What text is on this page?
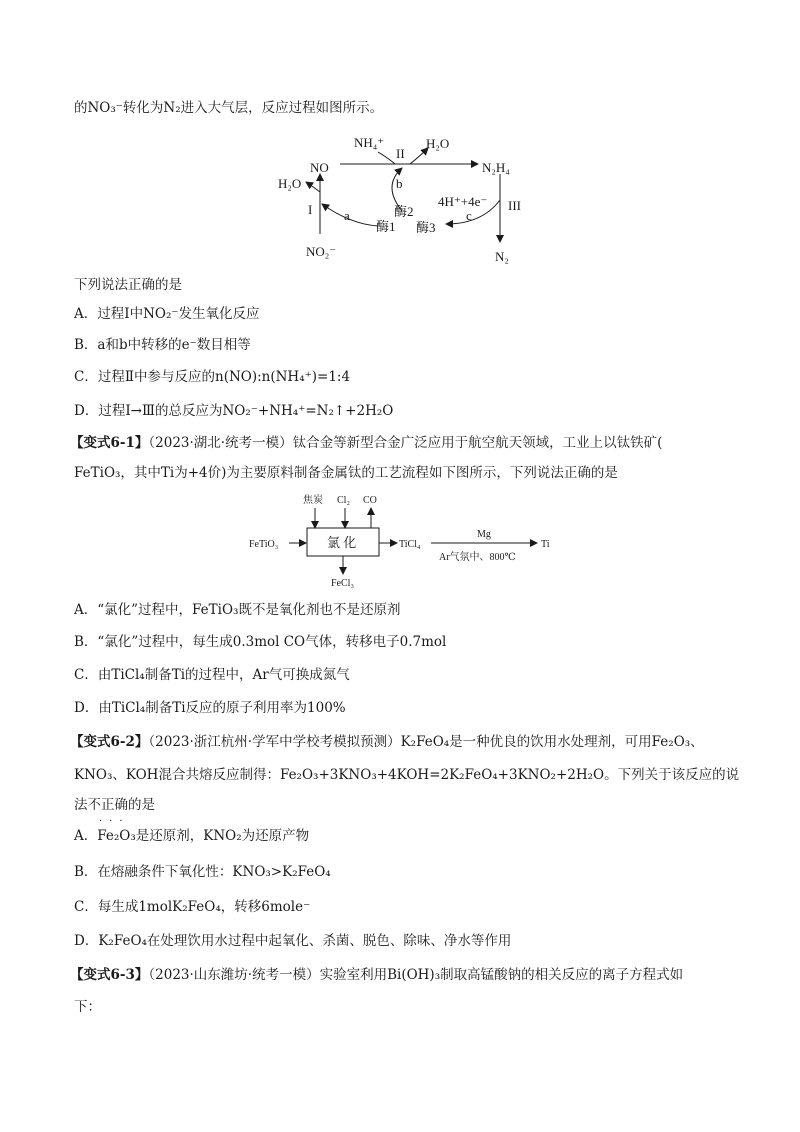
的NO₃⁻转化为N₂进入大气层，反应过程如图所示。
NO
H₂O
NH₄⁺	H₂O
N₂H₄
II
b
酶2
I a
酶1
NO₂⁻
III
N₂
4H⁺+4e⁻
c
酶3
下列说法正确的是
A．过程Ⅰ中NO₂⁻发生氧化反应
B．a和b中转移的e⁻数目相等
C．过程Ⅱ中参与反应的n(NO):n(NH₄⁺)=1:4
D．过程Ⅰ→Ⅲ的总反应为NO₂⁻+NH₄⁺=N₂↑+2H₂O
【变式6-1】（2023·湖北·统考一模）钛合金等新型合金广泛应用于航空航天领域，工业上以钛铁矿(
FeTiO₃，其中Ti为+4价)为主要原料制备金属钛的工艺流程如下图所示，下列说法正确的是
焦炭 Cl₂ CO
氯 化
FeTiO₃	TiCl₄
Mg
Ar气氛中、800℃
Ti
FeCl₃
A．“氯化”过程中，FeTiO₃既不是氧化剂也不是还原剂
B．“氯化”过程中，每生成0.3mol CO气体，转移电子0.7mol
C．由TiCl₄制备Ti的过程中，Ar气可换成氮气
D．由TiCl₄制备Ti反应的原子利用率为100%
【变式6-2】（2023·浙江杭州·学军中学校考模拟预测）K₂FeO₄是一种优良的饮用水处理剂，可用Fe₂O₃、
KNO₃、KOH混合共熔反应制得：Fe₂O₃+3KNO₃+4KOH=2K₂FeO₄+3KNO₂+2H₂O。下列关于该反应的说
···
法不正确的是
A．Fe₂O₃是还原剂，KNO₂为还原产物
B．在熔融条件下氧化性：KNO₃>K₂FeO₄
C．每生成1molK₂FeO₄，转移6mole⁻
D．K₂FeO₄在处理饮用水过程中起氧化、杀菌、脱色、除味、净水等作用
【变式6-3】（2023·山东潍坊·统考一模）实验室利用Bi(OH)₃制取高锰酸钠的相关反应的离子方程式如
下：
